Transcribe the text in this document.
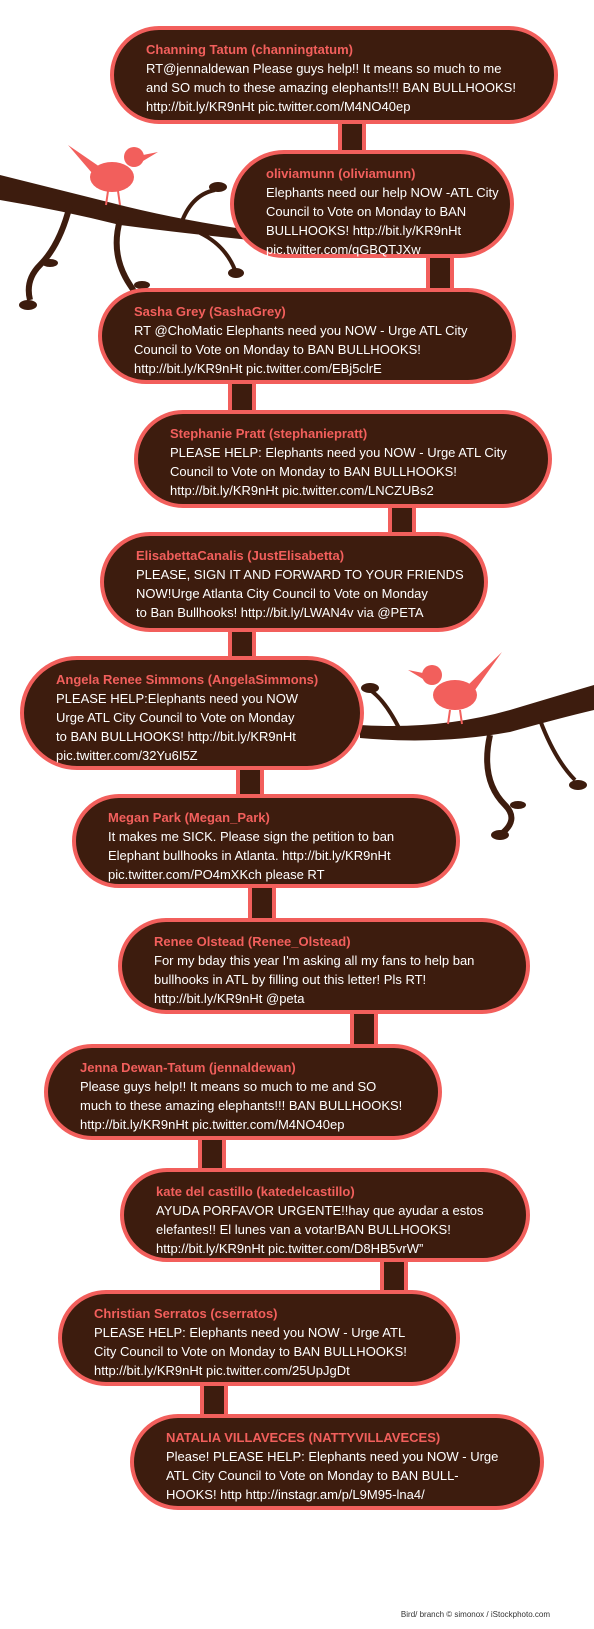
Channing Tatum (channingtatum)
RT@jennaldewan Please guys help!! It means so much to me
and SO much to these amazing elephants!!! BAN BULLHOOKS!
http://bit.ly/KR9nHt pic.twitter.com/M4NO40ep
oliviamunn (oliviamunn)
Elephants need our help NOW -ATL City
Council to Vote on Monday to BAN
BULLHOOKS! http://bit.ly/KR9nHt
pic.twitter.com/qGBQTJXw
Sasha Grey (SashaGrey)
RT @ChoMatic Elephants need you NOW - Urge ATL City
Council to Vote on Monday to BAN BULLHOOKS!
http://bit.ly/KR9nHt pic.twitter.com/EBj5clrE
Stephanie Pratt (stephaniepratt)
PLEASE HELP: Elephants need you NOW - Urge ATL City
Council to Vote on Monday to BAN BULLHOOKS!
http://bit.ly/KR9nHt pic.twitter.com/LNCZUBs2
ElisabettaCanalis (JustElisabetta)
PLEASE, SIGN IT AND FORWARD TO YOUR FRIENDS
NOW!Urge Atlanta City Council to Vote on Monday
to Ban Bullhooks! http://bit.ly/LWAN4v via @PETA
Angela Renee Simmons (AngelaSimmons)
PLEASE HELP:Elephants need you NOW
Urge ATL City Council to Vote on Monday
to BAN BULLHOOKS! http://bit.ly/KR9nHt
pic.twitter.com/32Yu6I5Z
Megan Park (Megan_Park)
It makes me SICK. Please sign the petition to ban
Elephant bullhooks in Atlanta. http://bit.ly/KR9nHt
pic.twitter.com/PO4mXKch please RT
Renee Olstead (Renee_Olstead)
For my bday this year I'm asking all my fans to help ban
bullhooks in ATL by filling out this letter! Pls RT!
http://bit.ly/KR9nHt @peta
Jenna Dewan-Tatum (jennaldewan)
Please guys help!! It means so much to me and SO
much to these amazing elephants!!! BAN BULLHOOKS!
http://bit.ly/KR9nHt pic.twitter.com/M4NO40ep
kate del castillo (katedelcastillo)
AYUDA PORFAVOR URGENTE!!hay que ayudar a estos
elefantes!! El lunes van a votar!BAN BULLHOOKS!
http://bit.ly/KR9nHt pic.twitter.com/D8HB5vrW”
Christian Serratos (cserratos)
PLEASE HELP: Elephants need you NOW - Urge ATL
City Council to Vote on Monday to BAN BULLHOOKS!
http://bit.ly/KR9nHt pic.twitter.com/25UpJgDt
NATALIA VILLAVECES (NATTYVILLAVECES)
Please! PLEASE HELP: Elephants need you NOW - Urge
ATL City Council to Vote on Monday to BAN BULL-
HOOKS! http http://instagr.am/p/L9M95-lna4/
Bird/ branch © simonox / iStockphoto.com
